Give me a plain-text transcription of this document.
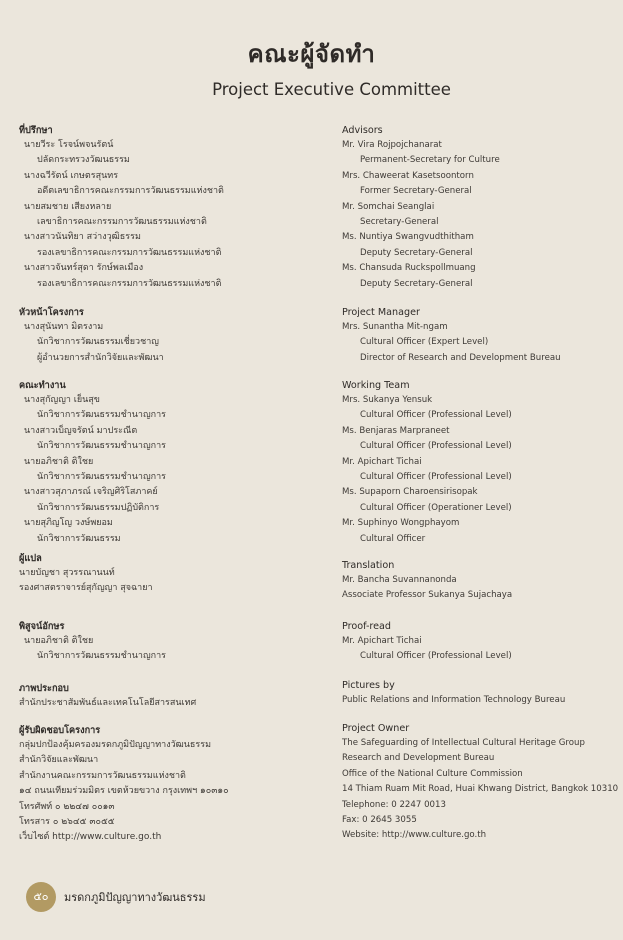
คณะผู้จัดทำ
Project Executive Committee
ที่ปรึกษา
นายวีระ โรจน์พจนรัตน์
ปลัดกระทรวงวัฒนธรรม
นางฉวีรัตน์ เกษตรสุนทร
อดีตเลขาธิการคณะกรรมการวัฒนธรรมแห่งชาติ
นายสมชาย เสียงหลาย
เลขาธิการคณะกรรมการวัฒนธรรมแห่งชาติ
นางสาวนันทิยา สว่างวุฒิธรรม
รองเลขาธิการคณะกรรมการวัฒนธรรมแห่งชาติ
นางสาวจันทร์สุดา รักษ์พลเมือง
รองเลขาธิการคณะกรรมการวัฒนธรรมแห่งชาติ
หัวหน้าโครงการ
นางสุนันทา มิตรงาม
นักวิชาการวัฒนธรรมเชี่ยวชาญ
ผู้อำนวยการสำนักวิจัยและพัฒนา
คณะทำงาน
นางสุกัญญา เย็นสุข
นักวิชาการวัฒนธรรมชำนาญการ
นางสาวเบ็ญจรัตน์ มาประณีต
นักวิชาการวัฒนธรรมชำนาญการ
นายอภิชาติ ติใชย
นักวิชาการวัฒนธรรมชำนาญการ
นางสาวสุภาภรณ์ เจริญศิริโสภาคย์
นักวิชาการวัฒนธรรมปฏิบัติการ
นายสุภิญโญ วงษ์พยอม
นักวิชาการวัฒนธรรม
ผู้แปล
นายบัญชา สุวรรณานนท์
รองศาสตราจารย์สุกัญญา สุจฉายา
พิสูจน์อักษร
นายอภิชาติ ติใชย
นักวิชาการวัฒนธรรมชำนาญการ
ภาพประกอบ
สำนักประชาสัมพันธ์และเทคโนโลยีสารสนเทศ
ผู้รับผิดชอบโครงการ
กลุ่มปกป้องคุ้มครองมรดกภูมิปัญญาทางวัฒนธรรม
สำนักวิจัยและพัฒนา
สำนักงานคณะกรรมการวัฒนธรรมแห่งชาติ
๑๔ ถนนเทียมร่วมมิตร เขตห้วยขวาง กรุงเทพฯ ๑๐๓๑๐
โทรศัพท์ ๐ ๒๒๔๗ ๐๐๑๓
โทรสาร ๐ ๒๖๔๕ ๓๐๕๕
เว็บไซต์ http://www.culture.go.th
Advisors
Mr. Vira Rojpojchanarat
Permanent-Secretary for Culture
Mrs. Chaweerat Kasetsoontorn
Former Secretary-General
Mr. Somchai Seanglai
Secretary-General
Ms. Nuntiya Swangvudthitham
Deputy Secretary-General
Ms. Chansuda Ruckspollmuang
Deputy Secretary-General
Project Manager
Mrs. Sunantha Mit-ngam
Cultural Officer (Expert Level)
Director of Research and Development Bureau
Working Team
Mrs. Sukanya Yensuk
Cultural Officer (Professional Level)
Ms. Benjaras Marpraneet
Cultural Officer (Professional Level)
Mr. Apichart Tichai
Cultural Officer (Professional Level)
Ms. Supaporn Charoensirisopak
Cultural Officer (Operationer Level)
Mr. Suphinyo Wongphayom
Cultural Officer
Translation
Mr. Bancha Suvannanonda
Associate Professor Sukanya Sujachaya
Proof-read
Mr. Apichart Tichai
Cultural Officer (Professional Level)
Pictures by
Public Relations and Information Technology Bureau
Project Owner
The Safeguarding of Intellectual Cultural Heritage Group
Research and Development Bureau
Office of the National Culture Commission
14 Thiam Ruam Mit Road, Huai Khwang District, Bangkok 10310
Telephone: 0 2247 0013
Fax: 0 2645 3055
Website: http://www.culture.go.th
๕๐	มรดกภูมิปัญญาทางวัฒนธรรม
